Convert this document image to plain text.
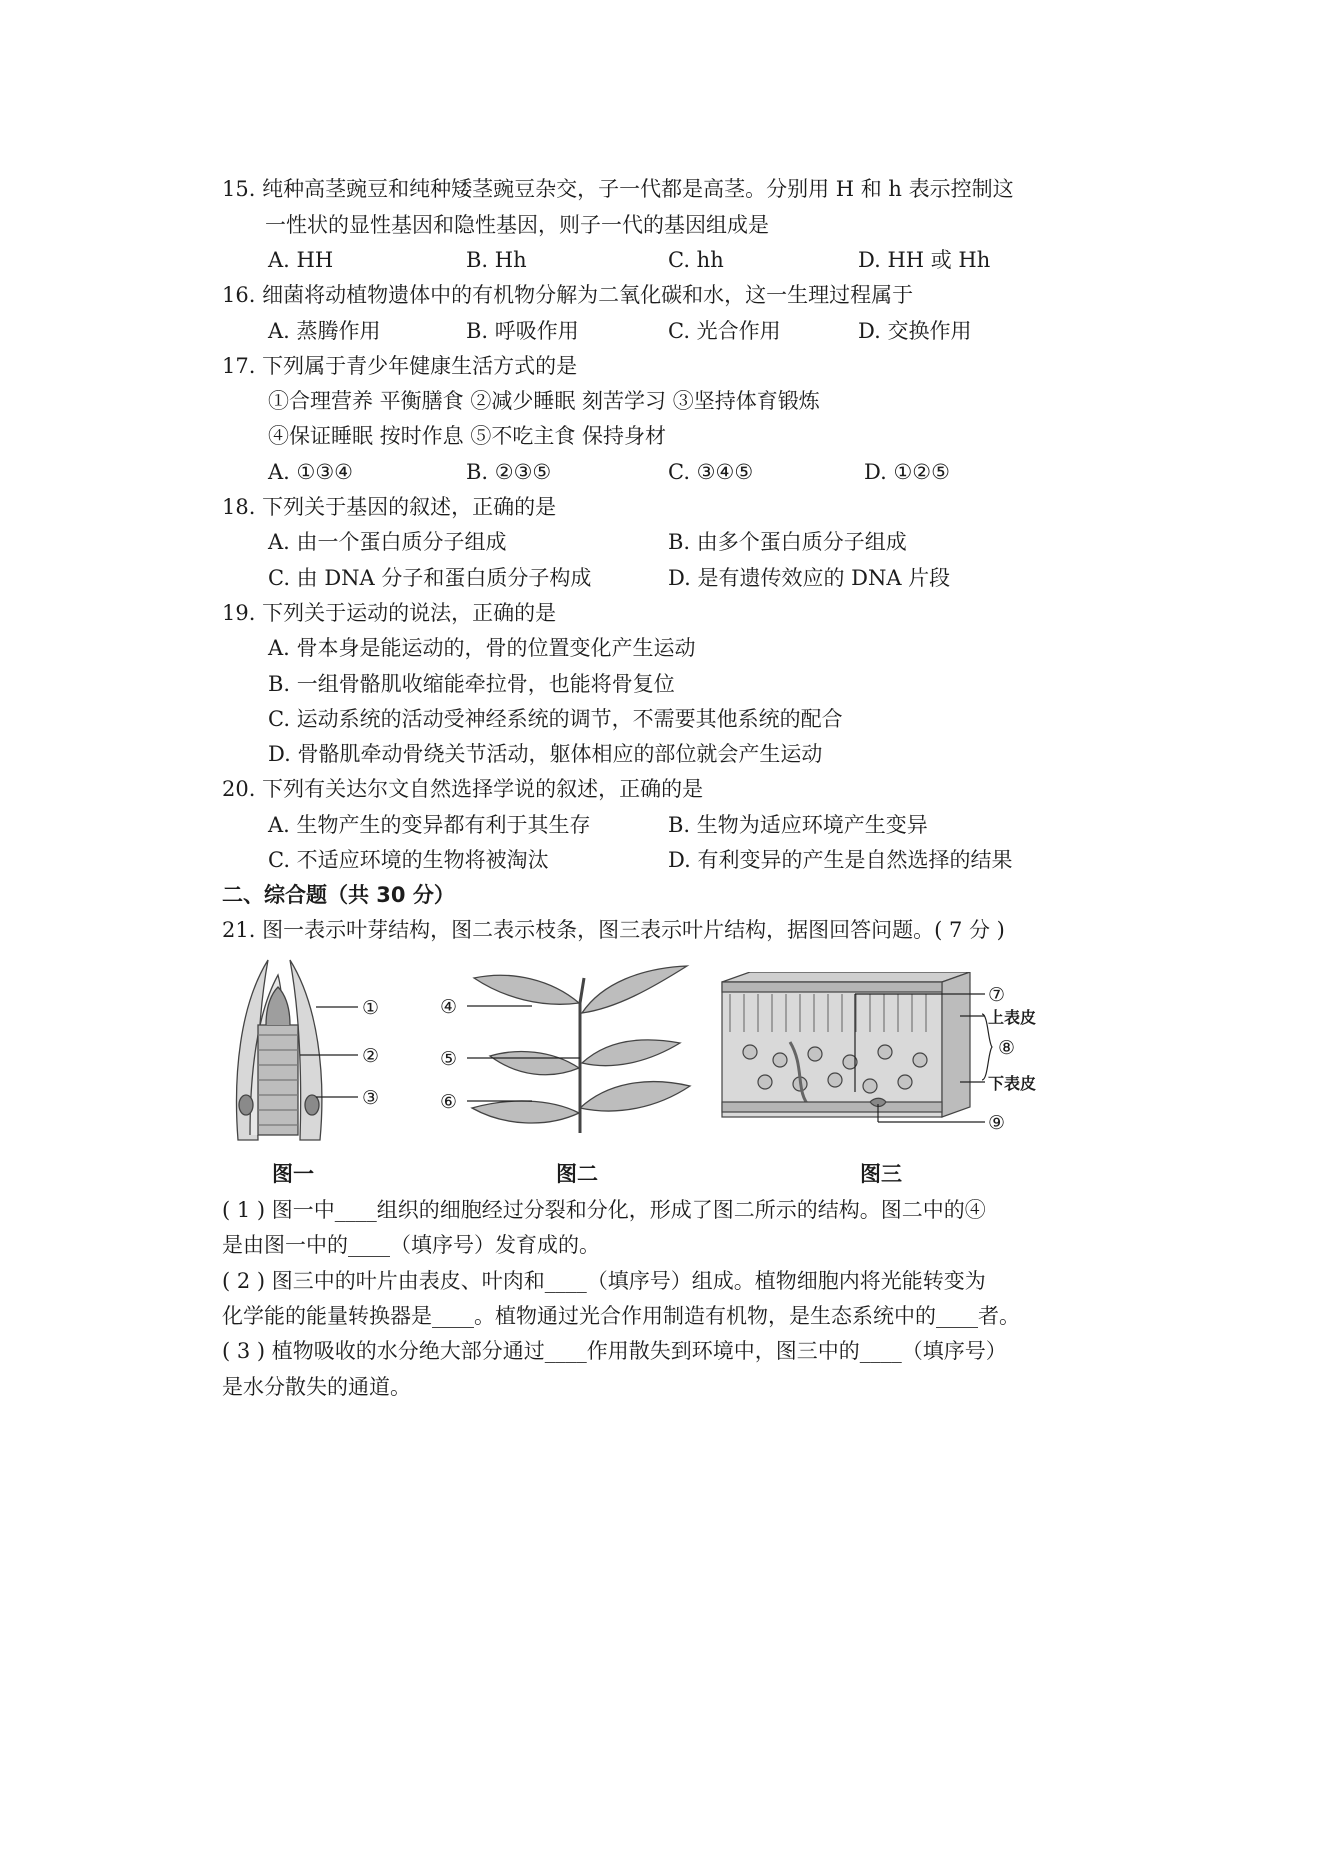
15. 纯种高茎豌豆和纯种矮茎豌豆杂交，子一代都是高茎。分别用 H 和 h 表示控制这
一性状的显性基因和隐性基因，则子一代的基因组成是
A. HH	B. Hh	C. hh	D. HH 或 Hh
16. 细菌将动植物遗体中的有机物分解为二氧化碳和水，这一生理过程属于
A. 蒸腾作用	B. 呼吸作用	C. 光合作用	D. 交换作用
17. 下列属于青少年健康生活方式的是
①合理营养 平衡膳食 ②减少睡眠 刻苦学习 ③坚持体育锻炼
④保证睡眠 按时作息 ⑤不吃主食 保持身材
A. ①③④	B. ②③⑤	C. ③④⑤	D. ①②⑤
18. 下列关于基因的叙述，正确的是
A. 由一个蛋白质分子组成	B. 由多个蛋白质分子组成
C. 由 DNA 分子和蛋白质分子构成	D. 是有遗传效应的 DNA 片段
19. 下列关于运动的说法，正确的是
A. 骨本身是能运动的，骨的位置变化产生运动
B. 一组骨骼肌收缩能牵拉骨，也能将骨复位
C. 运动系统的活动受神经系统的调节，不需要其他系统的配合
D. 骨骼肌牵动骨绕关节活动，躯体相应的部位就会产生运动
20. 下列有关达尔文自然选择学说的叙述，正确的是
A. 生物产生的变异都有利于其生存	B. 生物为适应环境产生变异
C. 不适应环境的生物将被淘汰	D. 有利变异的产生是自然选择的结果
二、综合题（共 30 分）
21. 图一表示叶芽结构，图二表示枝条，图三表示叶片结构，据图回答问题。( 7 分 )
①
②
③
图一
④
⑤
⑥
图二
⑦
上表皮
⑧
下表皮
⑨
图三
( 1 ) 图一中____组织的细胞经过分裂和分化，形成了图二所示的结构。图二中的④
是由图一中的____（填序号）发育成的。
( 2 ) 图三中的叶片由表皮、叶肉和____（填序号）组成。植物细胞内将光能转变为
化学能的能量转换器是____。植物通过光合作用制造有机物，是生态系统中的____者。
( 3 ) 植物吸收的水分绝大部分通过____作用散失到环境中，图三中的____（填序号）
是水分散失的通道。
